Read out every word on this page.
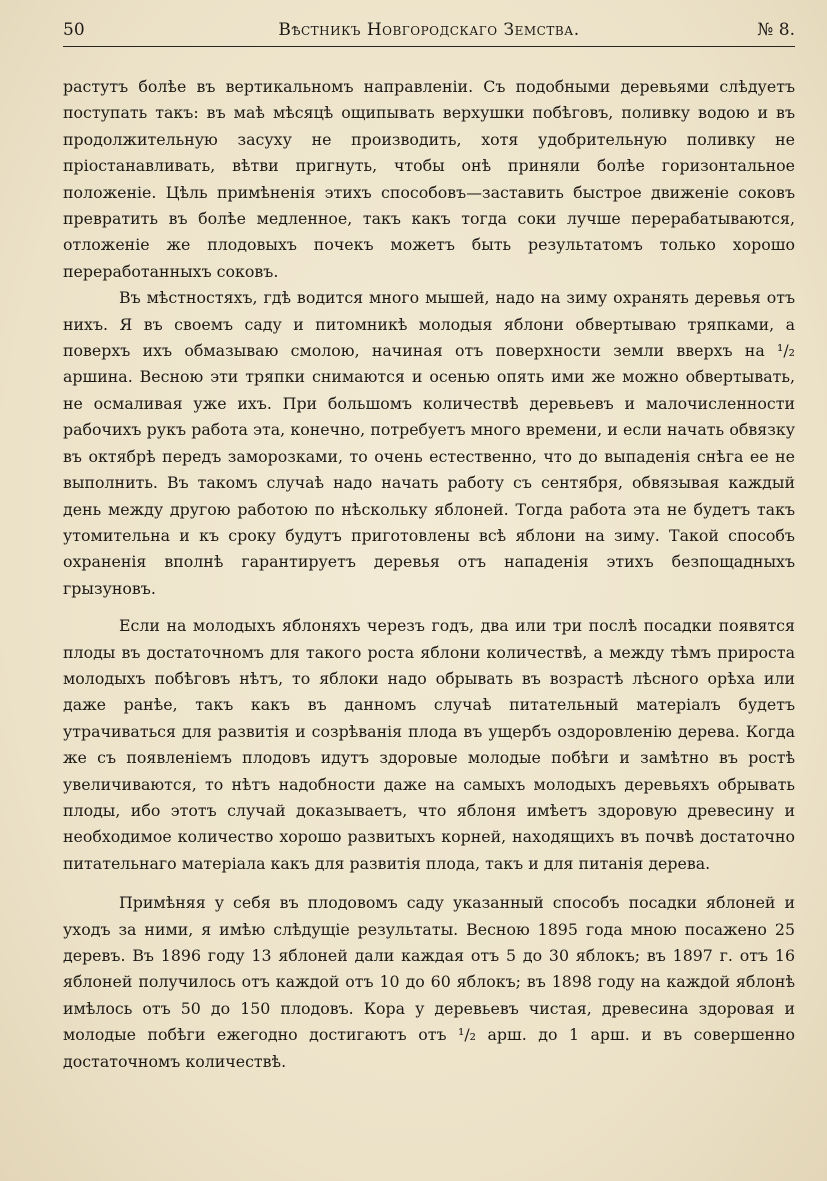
50	Вѣстникъ Новгородскаго Земства.	№ 8.

растутъ болѣе въ вертикальномъ направленіи. Съ подобными деревьями слѣдуетъ поступать такъ: въ маѣ мѣсяцѣ ощипывать верхушки побѣговъ, поливку водою и въ продолжительную засуху не производить, хотя удобрительную поливку не пріостанавливать, вѣтви пригнуть, чтобы онѣ приняли болѣе горизонтальное положеніе. Цѣль примѣненія этихъ способовъ—заставить быстрое движеніе соковъ превратить въ болѣе медленное, такъ какъ тогда соки лучше перерабатываются, отложеніе же плодовыхъ почекъ можетъ быть результатомъ только хорошо переработанныхъ соковъ.

Въ мѣстностяхъ, гдѣ водится много мышей, надо на зиму охранять деревья отъ нихъ. Я въ своемъ саду и питомникѣ молодыя яблони обвертываю тряпками, а поверхъ ихъ обмазываю смолою, начиная отъ поверхности земли вверхъ на ¹/₂ аршина. Весною эти тряпки снимаются и осенью опять ими же можно обвертывать, не осмаливая уже ихъ. При большомъ количествѣ деревьевъ и малочисленности рабочихъ рукъ работа эта, конечно, потребуетъ много времени, и если начать обвязку въ октябрѣ передъ заморозками, то очень естественно, что до выпаденія снѣга ее не выполнить. Въ такомъ случаѣ надо начать работу съ сентября, обвязывая каждый день между другою работою по нѣскольку яблоней. Тогда работа эта не будетъ такъ утомительна и къ сроку будутъ приготовлены всѣ яблони на зиму. Такой способъ охраненія вполнѣ гарантируетъ деревья отъ нападенія этихъ безпощадныхъ грызуновъ.

Если на молодыхъ яблоняхъ черезъ годъ, два или три послѣ посадки появятся плоды въ достаточномъ для такого роста яблони количествѣ, а между тѣмъ прироста молодыхъ побѣговъ нѣтъ, то яблоки надо обрывать въ возрастѣ лѣсного орѣха или даже ранѣе, такъ какъ въ данномъ случаѣ питательный матеріалъ будетъ утрачиваться для развитія и созрѣванія плода въ ущербъ оздоровленію дерева. Когда же съ появленіемъ плодовъ идутъ здоровые молодые побѣги и замѣтно въ ростѣ увеличиваются, то нѣтъ надобности даже на самыхъ молодыхъ деревьяхъ обрывать плоды, ибо этотъ случай доказываетъ, что яблоня имѣетъ здоровую древесину и необходимое количество хорошо развитыхъ корней, находящихъ въ почвѣ достаточно питательнаго матеріала какъ для развитія плода, такъ и для питанія дерева.

Примѣняя у себя въ плодовомъ саду указанный способъ посадки яблоней и уходъ за ними, я имѣю слѣдущіе результаты. Весною 1895 года мною посажено 25 деревъ. Въ 1896 году 13 яблоней дали каждая отъ 5 до 30 яблокъ; въ 1897 г. отъ 16 яблоней получилось отъ каждой отъ 10 до 60 яблокъ; въ 1898 году на каждой яблонѣ имѣлось отъ 50 до 150 плодовъ. Кора у деревьевъ чистая, древесина здоровая и молодые побѣги ежегодно достигаютъ отъ ¹/₂ арш. до 1 арш. и въ совершенно достаточномъ количествѣ.
